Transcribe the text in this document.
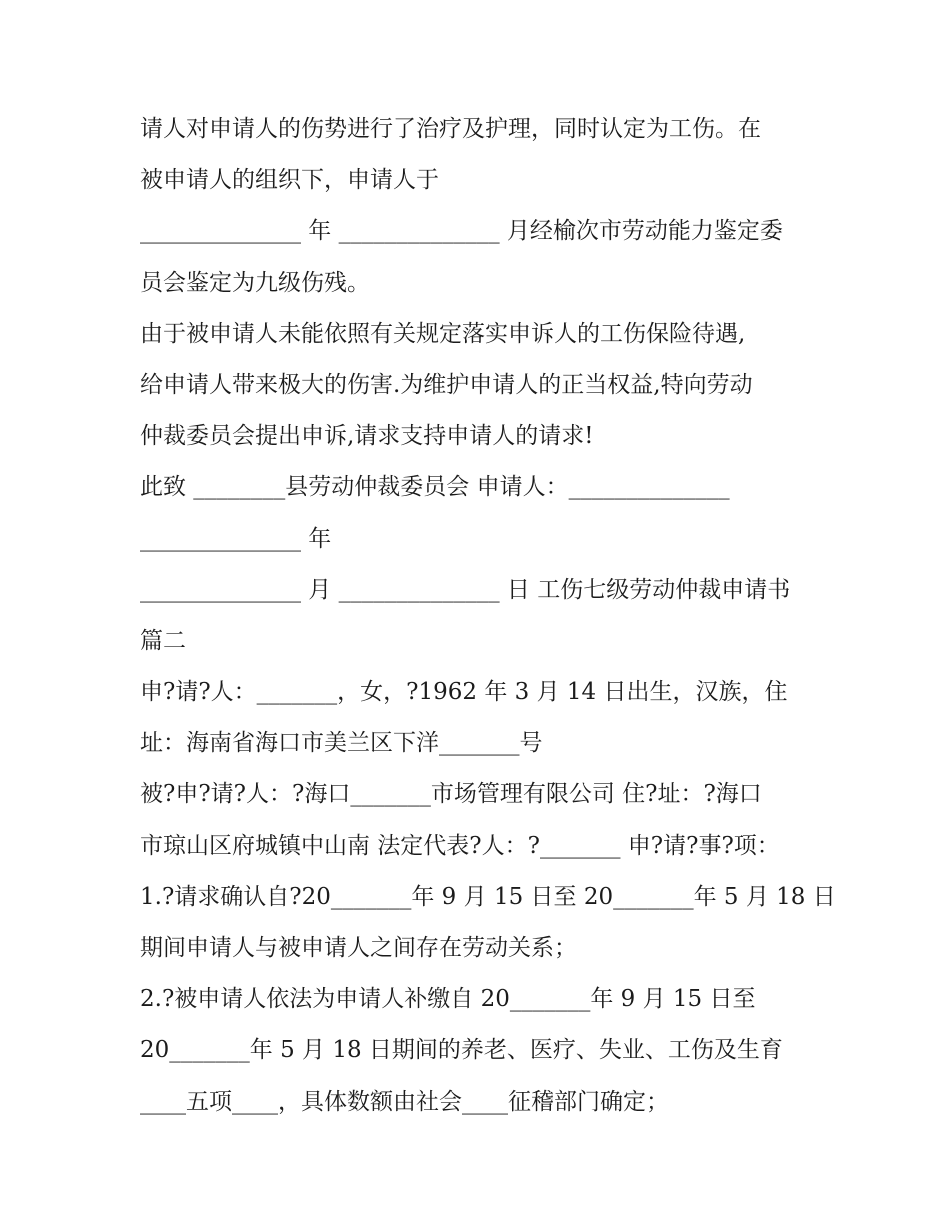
请人对申请人的伤势进行了治疗及护理，同时认定为工伤。在
被申请人的组织下，申请人于
______________ 年 ______________ 月经榆次市劳动能力鉴定委
员会鉴定为九级伤残。
由于被申请人未能依照有关规定落实申诉人的工伤保险待遇,
给申请人带来极大的伤害.为维护申请人的正当权益,特向劳动
仲裁委员会提出申诉,请求支持申请人的请求!
此致 ________县劳动仲裁委员会 申请人：______________
______________ 年
______________ 月 ______________ 日 工伤七级劳动仲裁申请书
篇二
申?请?人：_______，女，?1962 年 3 月 14 日出生，汉族，住
址：海南省海口市美兰区下洋_______号
被?申?请?人：?海口_______市场管理有限公司 住?址：?海口
市琼山区府城镇中山南 法定代表?人：?_______ 申?请?事?项：
1.?请求确认自?20_______年 9 月 15 日至 20_______年 5 月 18 日
期间申请人与被申请人之间存在劳动关系；
2.?被申请人依法为申请人补缴自 20_______年 9 月 15 日至
20_______年 5 月 18 日期间的养老、医疗、失业、工伤及生育
____五项____，具体数额由社会____征稽部门确定；
